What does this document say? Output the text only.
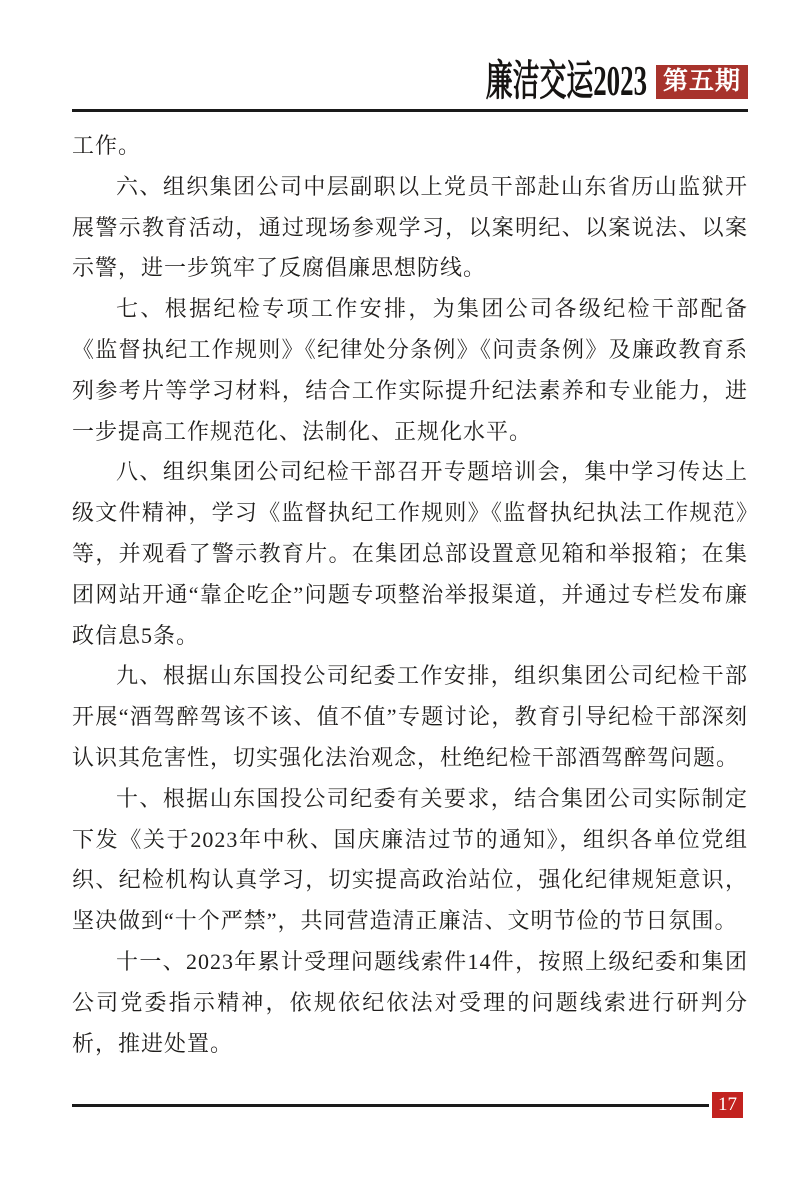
廉洁交运2023 第五期

工作。

六、组织集团公司中层副职以上党员干部赴山东省历山监狱开展警示教育活动，通过现场参观学习，以案明纪、以案说法、以案示警，进一步筑牢了反腐倡廉思想防线。

七、根据纪检专项工作安排，为集团公司各级纪检干部配备《监督执纪工作规则》《纪律处分条例》《问责条例》及廉政教育系列参考片等学习材料，结合工作实际提升纪法素养和专业能力，进一步提高工作规范化、法制化、正规化水平。

八、组织集团公司纪检干部召开专题培训会，集中学习传达上级文件精神，学习《监督执纪工作规则》《监督执纪执法工作规范》等，并观看了警示教育片。在集团总部设置意见箱和举报箱；在集团网站开通“靠企吃企”问题专项整治举报渠道，并通过专栏发布廉政信息5条。

九、根据山东国投公司纪委工作安排，组织集团公司纪检干部开展“酒驾醉驾该不该、值不值”专题讨论，教育引导纪检干部深刻认识其危害性，切实强化法治观念，杜绝纪检干部酒驾醉驾问题。

十、根据山东国投公司纪委有关要求，结合集团公司实际制定下发《关于2023年中秋、国庆廉洁过节的通知》，组织各单位党组织、纪检机构认真学习，切实提高政治站位，强化纪律规矩意识，坚决做到“十个严禁”，共同营造清正廉洁、文明节俭的节日氛围。

十一、2023年累计受理问题线索件14件，按照上级纪委和集团公司党委指示精神，依规依纪依法对受理的问题线索进行研判分析，推进处置。

17
